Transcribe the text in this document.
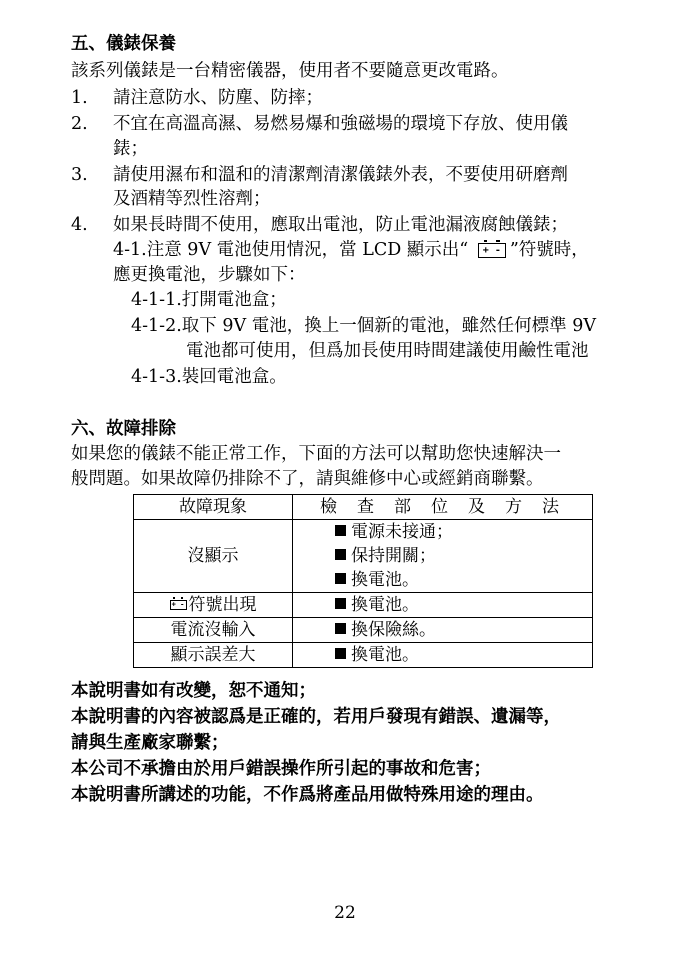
五、儀錶保養
該系列儀錶是一台精密儀器，使用者不要隨意更改電路。
1. 請注意防水、防塵、防摔；
2. 不宜在高溫高濕、易燃易爆和強磁場的環境下存放、使用儀
錶；
3. 請使用濕布和溫和的清潔劑清潔儀錶外表，不要使用研磨劑
及酒精等烈性溶劑；
4. 如果長時間不使用，應取出電池，防止電池漏液腐蝕儀錶；
4-1.注意 9V 電池使用情況，當 LCD 顯示出“ + - ”符號時，
應更換電池，步驟如下：
4-1-1.打開電池盒；
4-1-2.取下 9V 電池，換上一個新的電池，雖然任何標準 9V
電池都可使用，但爲加長使用時間建議使用鹼性電池
4-1-3.裝回電池盒。
六、故障排除
如果您的儀錶不能正常工作，下面的方法可以幫助您快速解決一
般問題。如果故障仍排除不了，請與維修中心或經銷商聯繫。
故障現象	檢查部位及方法
沒顯示	電源未接通；
保持開關；
換電池。

+ - 符號出現	換電池。

電流沒輸入	換保險絲。

顯示誤差大	換電池。
本說明書如有改變，恕不通知；
本說明書的內容被認爲是正確的，若用戶發現有錯誤、遺漏等，
請與生產廠家聯繫；
本公司不承擔由於用戶錯誤操作所引起的事故和危害；
本說明書所講述的功能，不作爲將產品用做特殊用途的理由。
22
